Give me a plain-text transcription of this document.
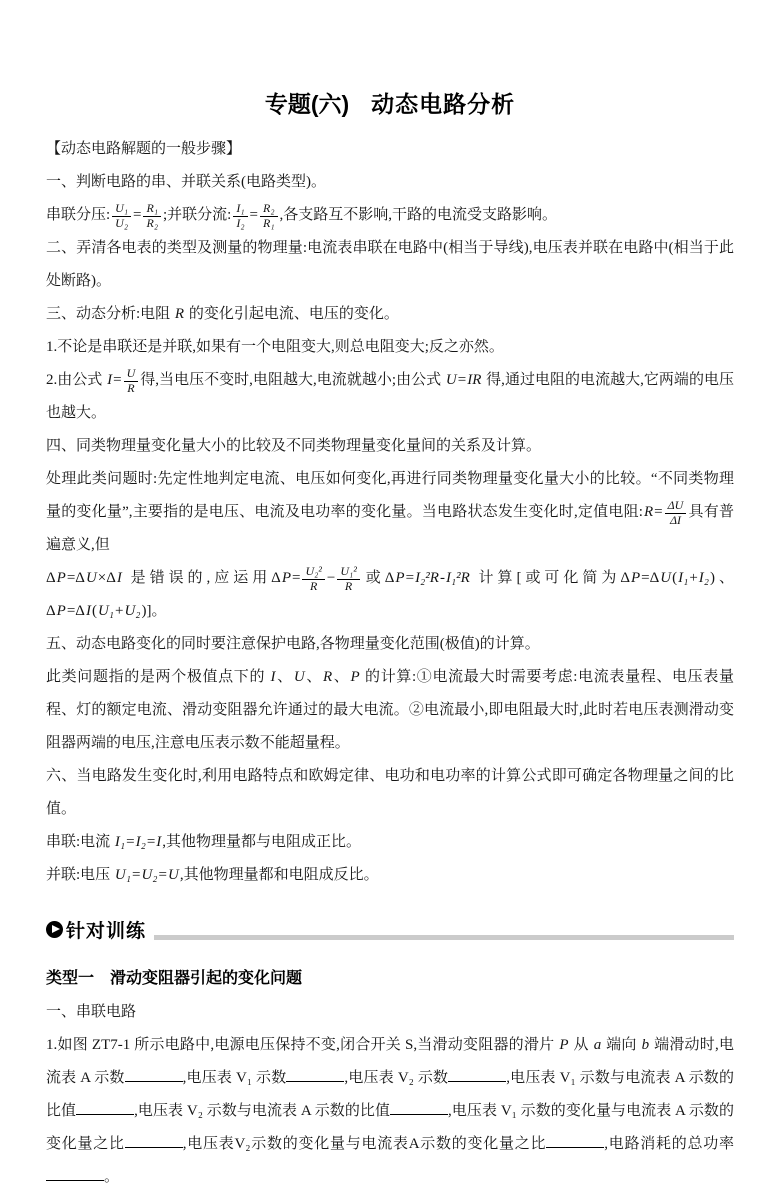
专题(六) 动态电路分析

【动态电路解题的一般步骤】

一、判断电路的串、并联关系(电路类型)。

串联分压: $\frac{\text{U₁}}{\text{U₂}} = \frac{\text{R₁}}{\text{R₂}}$ ;并联分流: $\frac{\text{I₁}}{\text{I₂}} = \frac{\text{R₂}}{\text{R₁}}$ ,各支路互不影响,干路的电流受支路影响。

二、弄清各电表的类型及测量的物理量:电流表串联在电路中(相当于导线),电压表并联在电路中(相当于此处断路)。

三、动态分析:电阻 R 的变化引起电流、电压的变化。

1.不论是串联还是并联,如果有一个电阻变大,则总电阻变大;反之亦然。

2.由公式 $I= \frac{U}{R}$ 得,当电压不变时,电阻越大,电流就越小;由公式 U=IR 得,通过电阻的电流越大,它两端的电压也越大。

四、同类物理量变化量大小的比较及不同类物理量变化量间的关系及计算。

处理此类问题时:先定性地判定电流、电压如何变化,再进行同类物理量变化量大小的比较。“不同类物理量的变化量”,主要指的是电压、电流及电功率的变化量。当电路状态发生变化时,定值电阻:R= $\frac{\Delta U}{\Delta I}$ 具有普遍意义,但

ΔP=ΔU×ΔI 是错误的,应运用$\Delta P= \frac{\text{U₂²}}{R} - \frac{\text{U₁²}}{R}$ 或ΔP=I₂²R-I₁²R 计算[或可化简为ΔP=ΔU(I₁+I₂)、ΔP=ΔI(U₁+U₂)]。

五、动态电路变化的同时要注意保护电路,各物理量变化范围(极值)的计算。

此类问题指的是两个极值点下的 I、U、R、P 的计算:①电流最大时需要考虑:电流表量程、电压表量程、灯的额定电流、滑动变阻器允许通过的最大电流。②电流最小,即电阻最大时,此时若电压表测滑动变阻器两端的电压,注意电压表示数不能超量程。

六、当电路发生变化时,利用电路特点和欧姆定律、电功和电功率的计算公式即可确定各物理量之间的比值。

串联:电流 I₁=I₂=I,其他物理量都与电阻成正比。

并联:电压 U₁=U₂=U,其他物理量都和电阻成反比。

针对训练
类型一　滑动变阻器引起的变化问题

一、串联电路

1.如图 ZT7-1 所示电路中,电源电压保持不变,闭合开关 S,当滑动变阻器的滑片 P 从 a 端向 b 端滑动时,电流表 A 示数	,电压表 V₁ 示数	,电压表 V₂ 示数	,电压表 V₁ 示数与电流表 A 示数的比值	,电压表 V₂ 示数与电流表 A 示数的比值	,电压表 V₁ 示数的变化量与电流表 A 示数的变化量之比	,电压表V₂示数的变化量与电流表A示数的变化量之比	,电路消耗的总功率。
